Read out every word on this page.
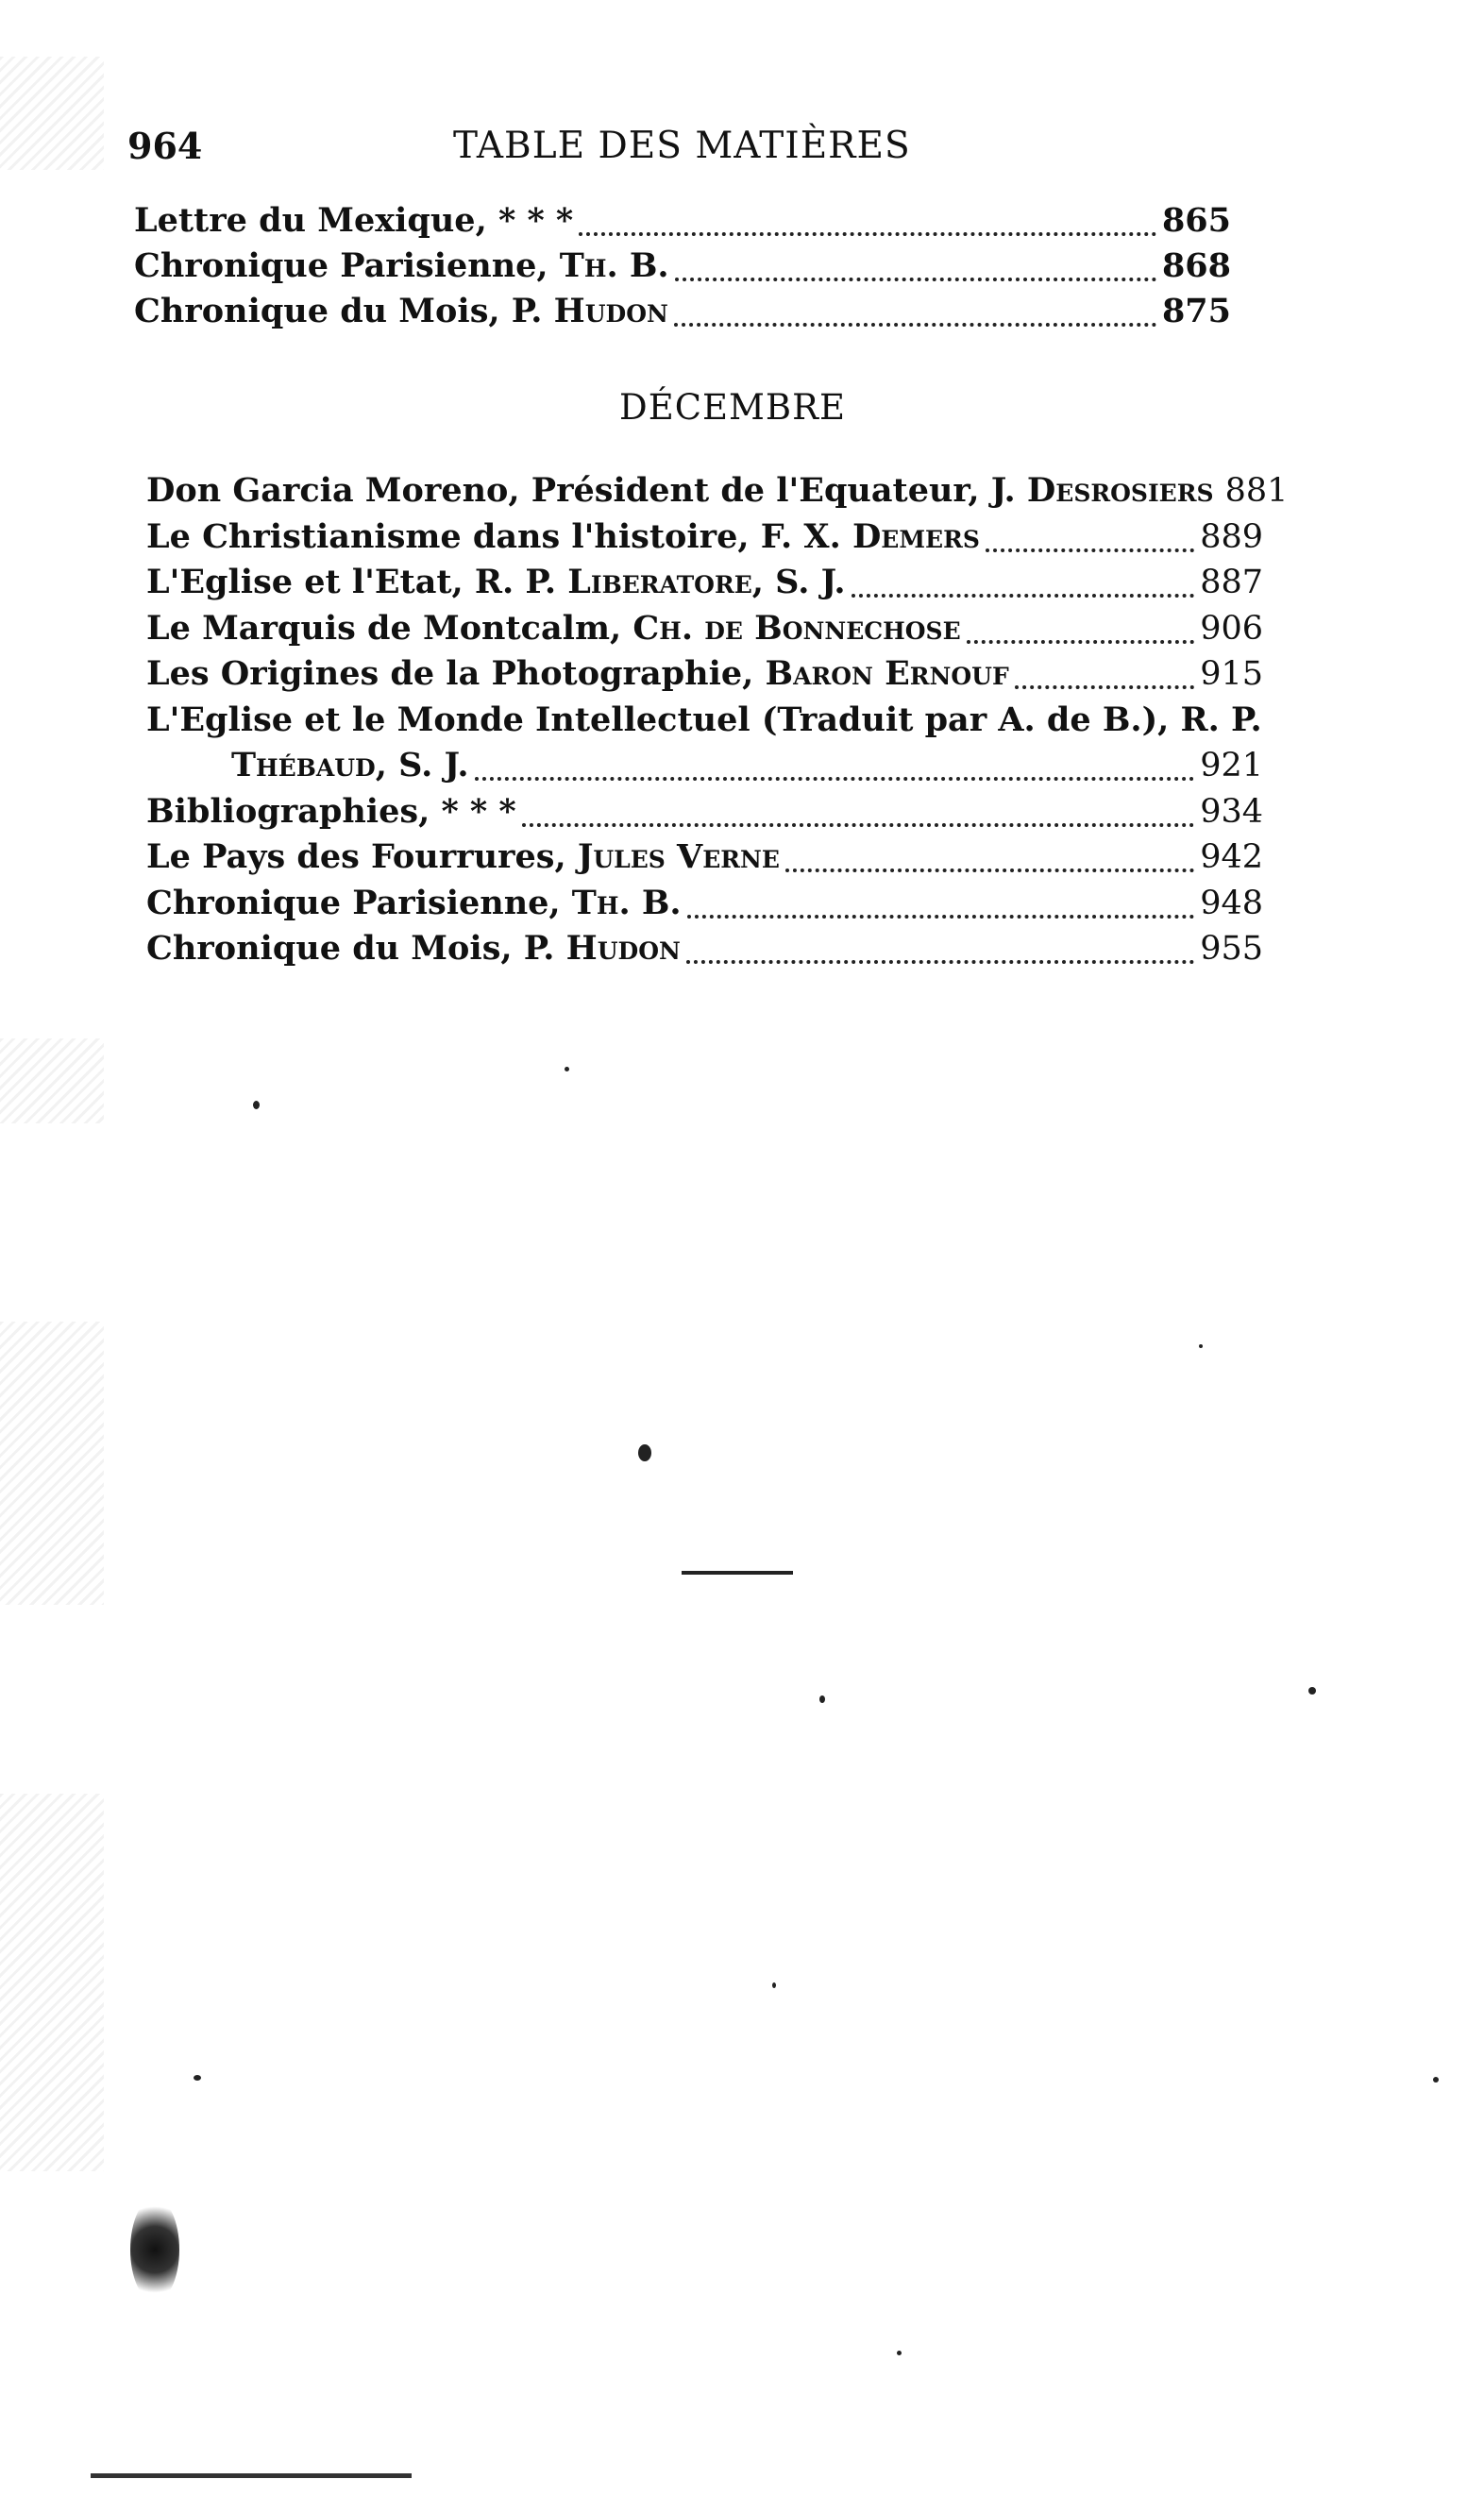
964	TABLE DES MATIÈRES
Lettre du Mexique, * * *	865
Chronique Parisienne, Th. B.	868
Chronique du Mois, P. Hudon	875
DÉCEMBRE
Don Garcia Moreno, Président de l'Equateur, J. Desrosiers 881
Le Christianisme dans l'histoire, F. X. Demers	889
L'Eglise et l'Etat, R. P. Liberatore, S. J.	887
Le Marquis de Montcalm, Ch. de Bonnechose	906
Les Origines de la Photographie, Baron Ernouf	915
L'Eglise et le Monde Intellectuel (Traduit par A. de B.), R. P.
Thébaud, S. J.	921
Bibliographies, * * *	934
Le Pays des Fourrures, Jules Verne	942
Chronique Parisienne, Th. B.	948
Chronique du Mois, P. Hudon	955
